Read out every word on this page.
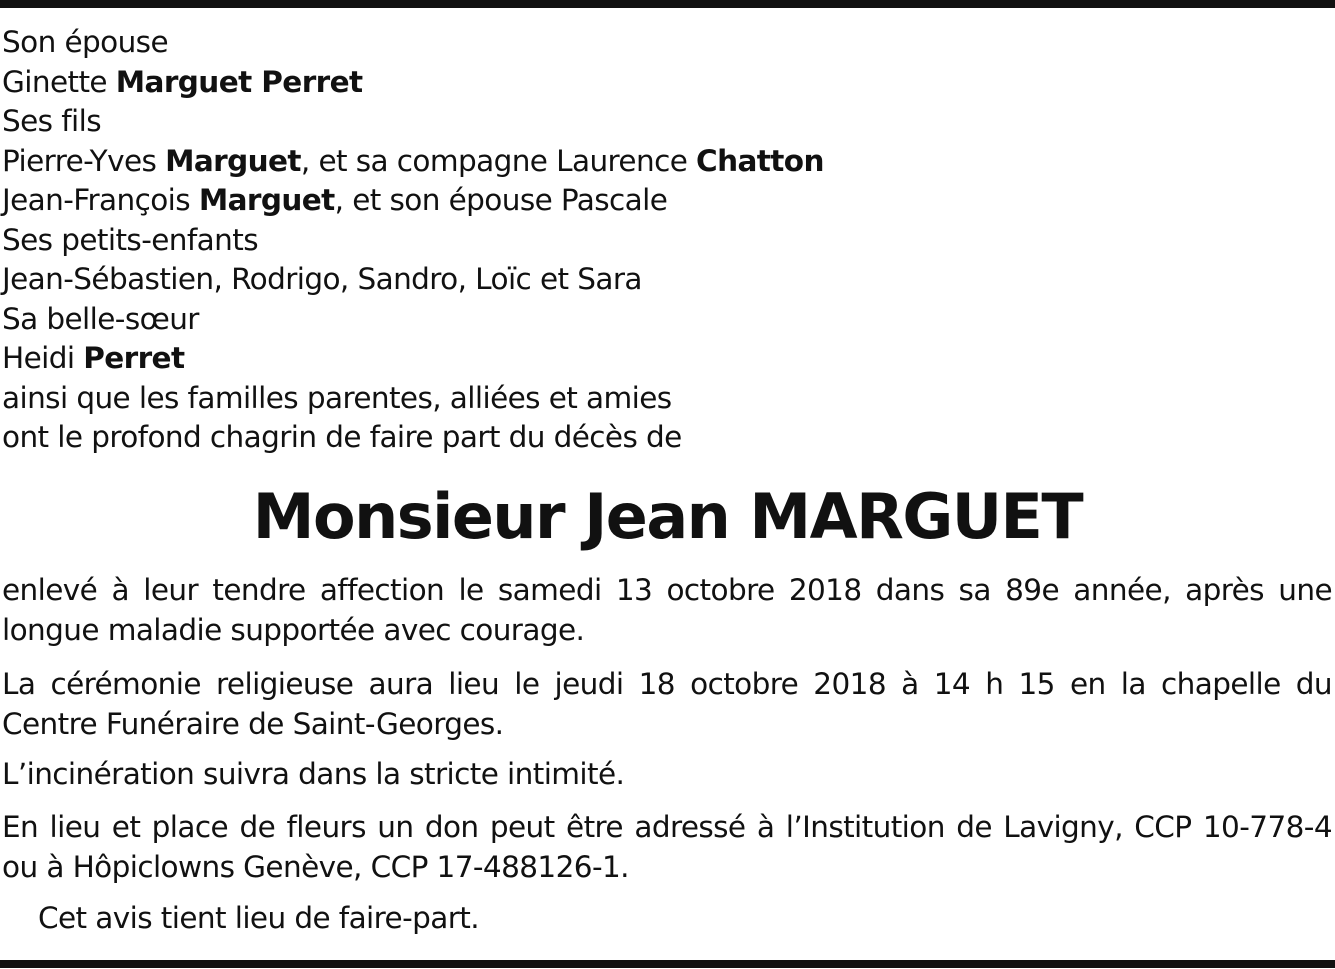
Son épouse
Ginette Marguet Perret
Ses fils
Pierre-Yves Marguet, et sa compagne Laurence Chatton
Jean-François Marguet, et son épouse Pascale
Ses petits-enfants
Jean-Sébastien, Rodrigo, Sandro, Loïc et Sara
Sa belle-sœur
Heidi Perret
ainsi que les familles parentes, alliées et amies
ont le profond chagrin de faire part du décès de
Monsieur Jean MARGUET
enlevé à leur tendre affection le samedi 13 octobre 2018 dans sa 89e année, après une
longue maladie supportée avec courage.
La cérémonie religieuse aura lieu le jeudi 18 octobre 2018 à 14 h 15 en la chapelle du
Centre Funéraire de Saint-Georges.
L’incinération suivra dans la stricte intimité.
En lieu et place de fleurs un don peut être adressé à l’Institution de Lavigny, CCP 10-778-4
ou à Hôpiclowns Genève, CCP 17-488126-1.
Cet avis tient lieu de faire-part.
